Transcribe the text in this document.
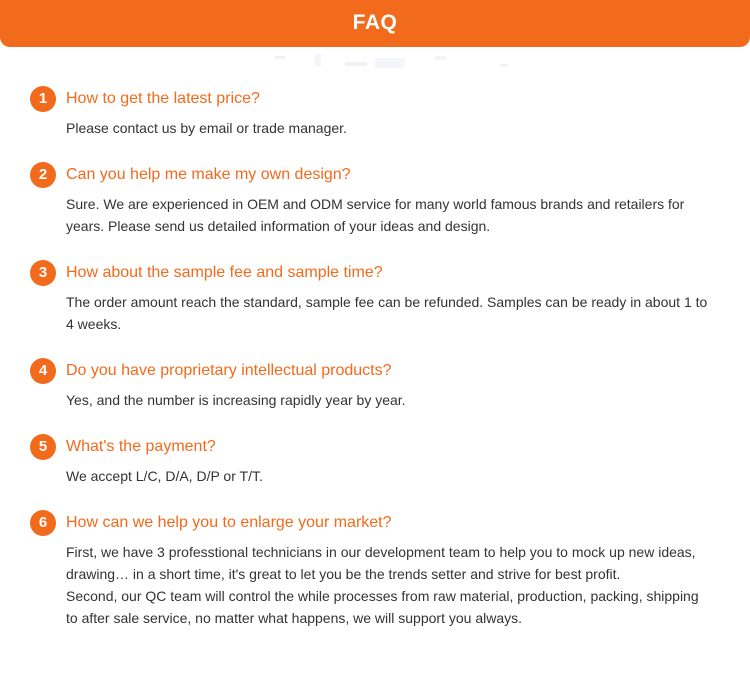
FAQ
1	How to get the latest price?
Please contact us by email or trade manager.
2	Can you help me make my own design?
Sure. We are experienced in OEM and ODM service for many world famous brands and retailers for
years. Please send us detailed information of your ideas and design.
3	How about the sample fee and sample time?
The order amount reach the standard, sample fee can be refunded. Samples can be ready in about 1 to
4 weeks.
4	Do you have proprietary intellectual products?
Yes, and the number is increasing rapidly year by year.
5	What's the payment?
We accept L/C, D/A, D/P or T/T.
6	How can we help you to enlarge your market?
First, we have 3 professtional technicians in our development team to help you to mock up new ideas,
drawing… in a short time, it's great to let you be the trends setter and strive for best profit.
Second, our QC team will control the while processes from raw material, production, packing, shipping
to after sale service, no matter what happens, we will support you always.
